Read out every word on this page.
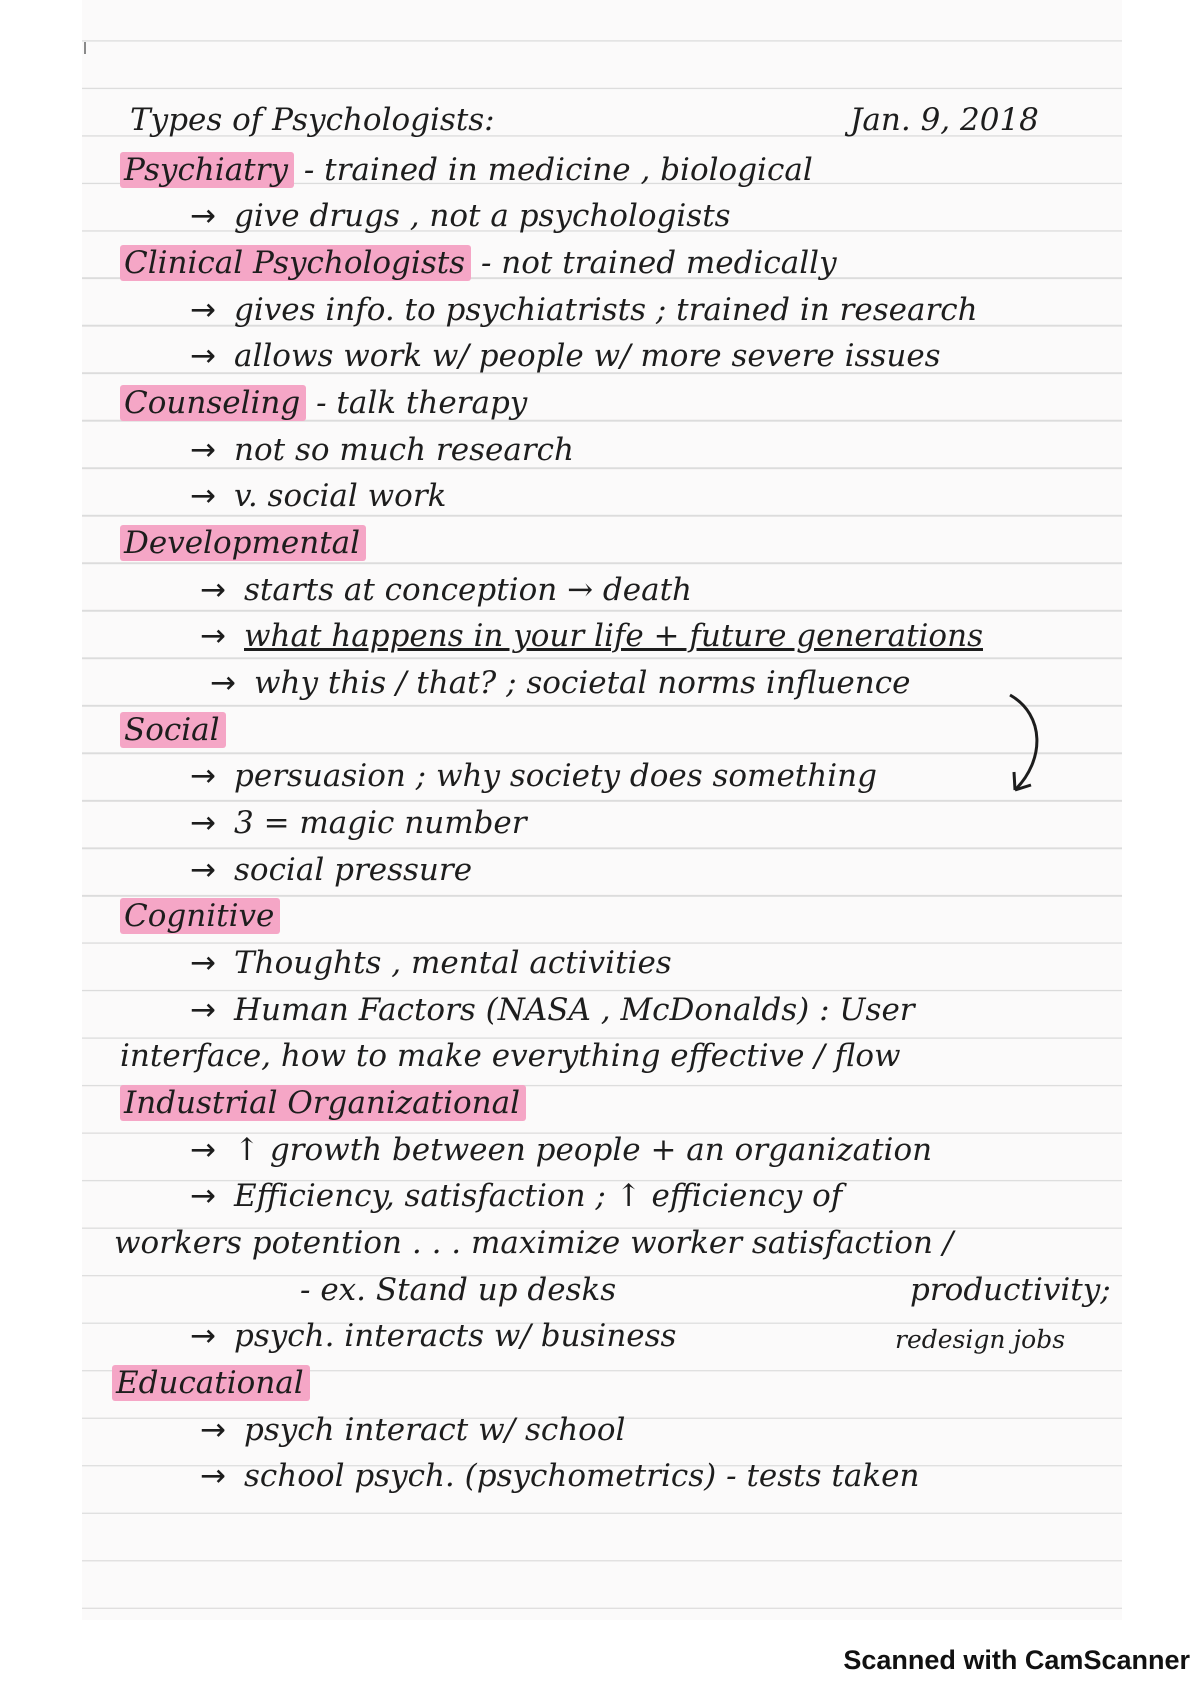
Types of Psychologists:	Jan. 9, 2018
Psychiatry - trained in medicine , biological
→ give drugs , not a psychologists
Clinical Psychologists - not trained medically
→ gives info. to psychiatrists ; trained in research
→ allows work w/ people w/ more severe issues
Counseling - talk therapy
→ not so much research
→ v. social work
Developmental
→ starts at conception → death
→ what happens in your life + future generations
→ why this / that? ; societal norms influence
Social
→ persuasion ; why society does something
→ 3 = magic number
→ social pressure
Cognitive
→ Thoughts , mental activities
→ Human Factors (NASA , McDonalds) : User
interface, how to make everything effective / flow
Industrial Organizational
→ ↑ growth between people + an organization
→ Efficiency, satisfaction ; ↑ efficiency of
workers potention . . . maximize worker satisfaction /
- ex. Stand up desks	productivity;
→ psych. interacts w/ business	redesign jobs
Educational
→ psych interact w/ school
→ school psych. (psychometrics) - tests taken
Scanned with CamScanner
